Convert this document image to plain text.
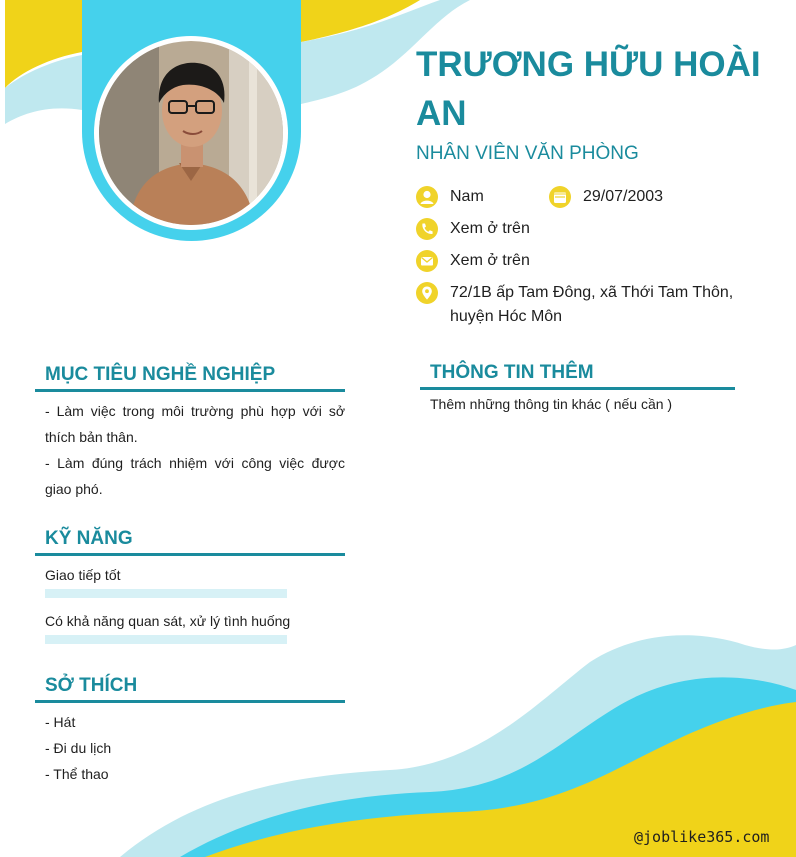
TRƯƠNG HỮU HOÀI AN
NHÂN VIÊN VĂN PHÒNG
Nam	29/07/2003
Xem ở trên
Xem ở trên
72/1B ấp Tam Đông, xã Thới Tam Thôn, huyện Hóc Môn
MỤC TIÊU NGHỀ NGHIỆP
- Làm việc trong môi trường phù hợp với sở thích bản thân.
- Làm đúng trách nhiệm với công việc được giao phó.
KỸ NĂNG
Giao tiếp tốt
Có khả năng quan sát, xử lý tình huống
SỞ THÍCH
- Hát
- Đi du lịch
- Thể thao
THÔNG TIN THÊM
Thêm những thông tin khác ( nếu cần )
@joblike365.com
